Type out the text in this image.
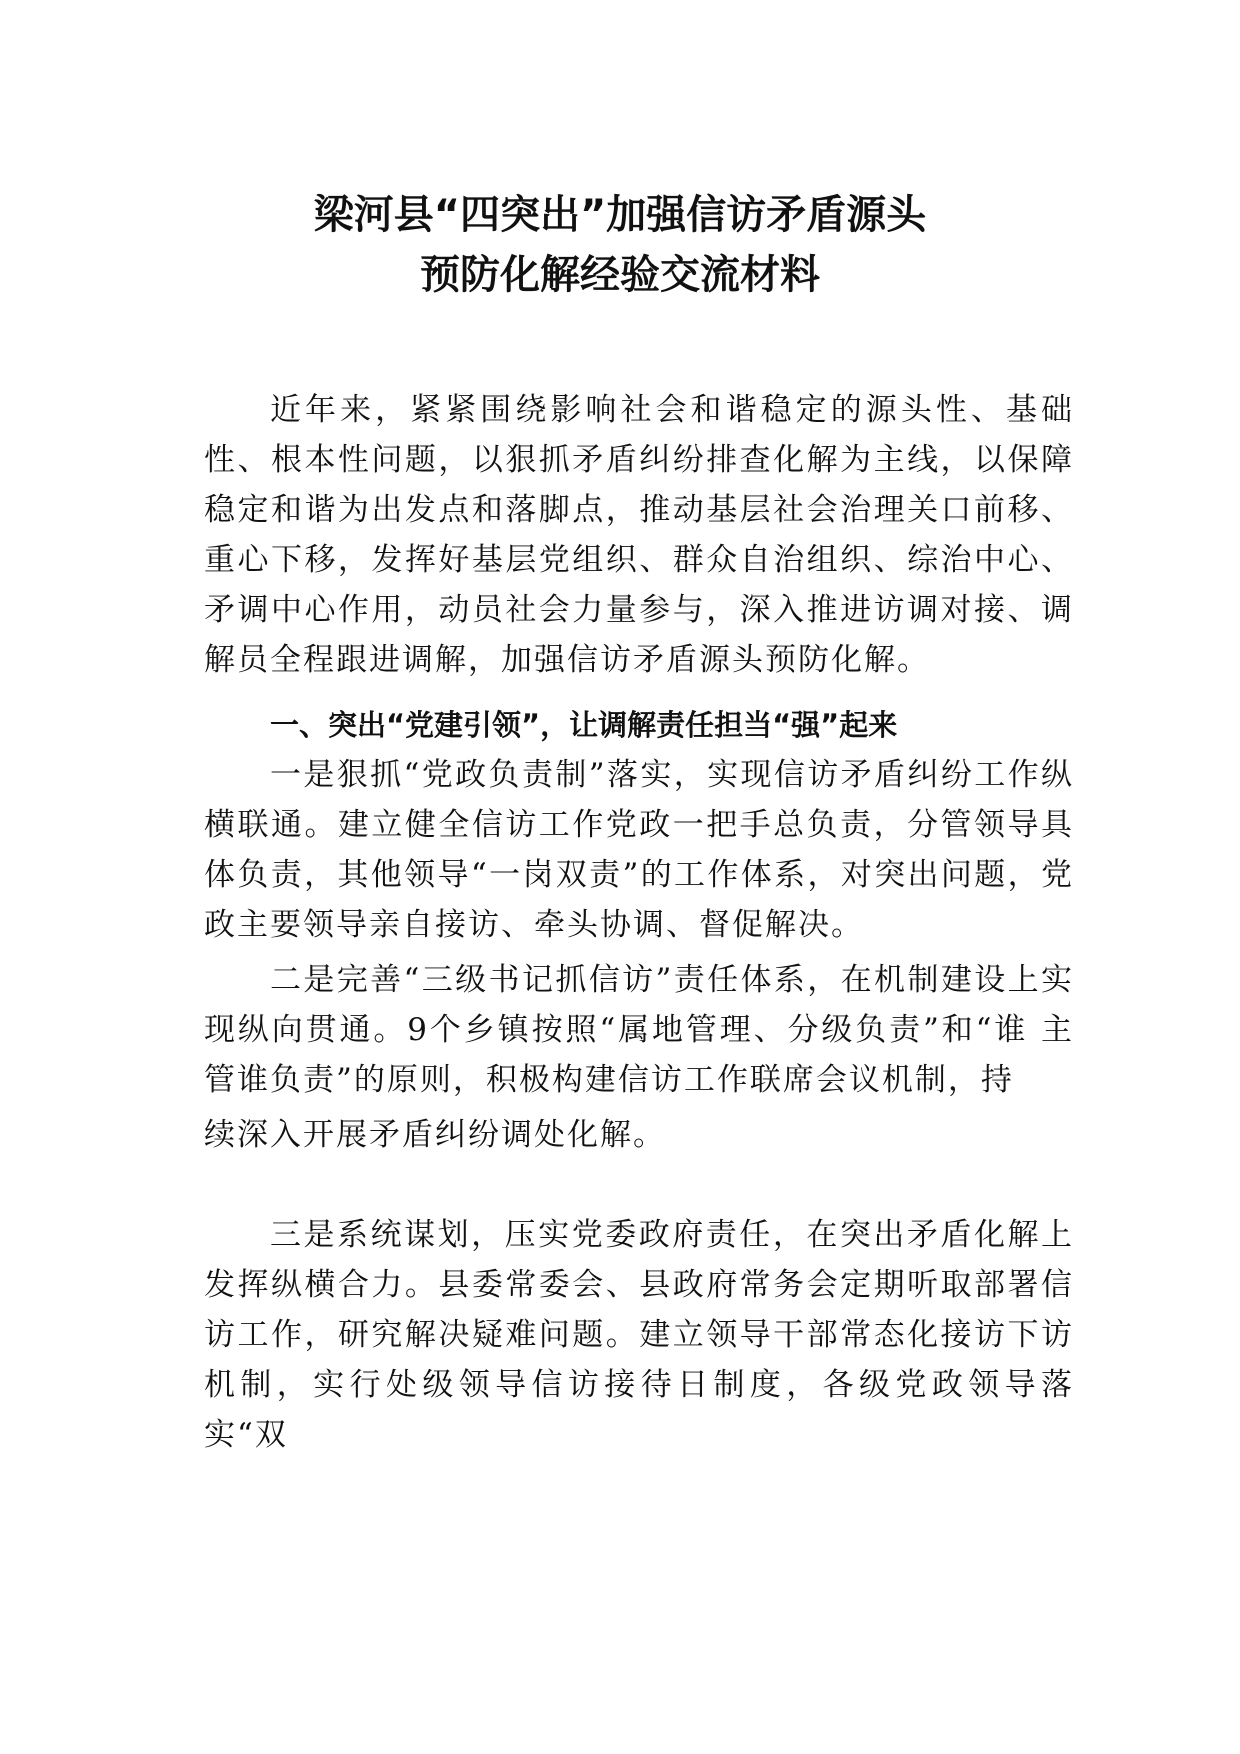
梁河县“四突出”加强信访矛盾源头
预防化解经验交流材料

近年来，紧紧围绕影响社会和谐稳定的源头性、基础性、根本性问题，以狠抓矛盾纠纷排查化解为主线，以保障稳定和谐为出发点和落脚点，推动基层社会治理关口前移、重心下移，发挥好基层党组织、群众自治组织、综治中心、矛调中心作用，动员社会力量参与，深入推进访调对接、调解员全程跟进调解，加强信访矛盾源头预防化解。

一、突出“党建引领”，让调解责任担当“强”起来

一是狠抓“党政负责制”落实，实现信访矛盾纠纷工作纵横联通。建立健全信访工作党政一把手总负责，分管领导具体负责，其他领导“一岗双责”的工作体系，对突出问题，党政主要领导亲自接访、牵头协调、督促解决。

二是完善“三级书记抓信访”责任体系，在机制建设上实现纵向贯通。9个乡镇按照“属地管理、分级负责”和“谁 主管谁负责”的原则，积极构建信访工作联席会议机制，持

续深入开展矛盾纠纷调处化解。

三是系统谋划，压实党委政府责任，在突出矛盾化解上发挥纵横合力。县委常委会、县政府常务会定期听取部署信访工作，研究解决疑难问题。建立领导干部常态化接访下访机制，实行处级领导信访接待日制度，各级党政领导落实“双
